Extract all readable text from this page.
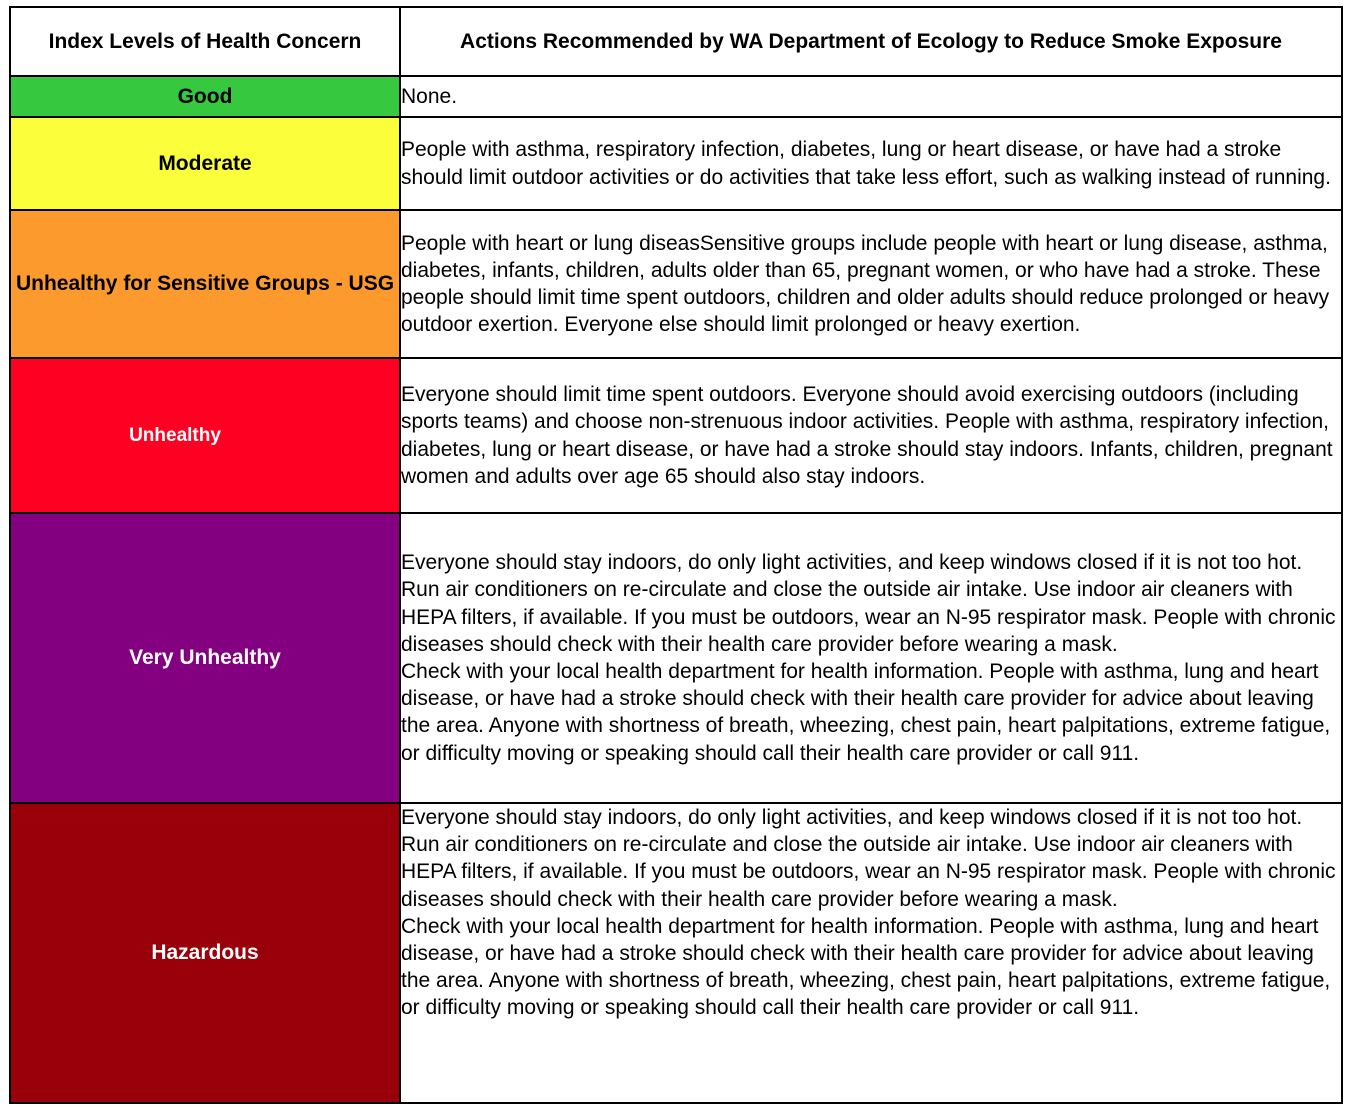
Index Levels of Health Concern	Actions Recommended by WA Department of Ecology to Reduce Smoke Exposure
Good	None.

Moderate	People with asthma, respiratory infection, diabetes, lung or heart disease, or have had a stroke should limit outdoor activities or do activities that take less effort, such as walking instead of running.

Unhealthy for Sensitive Groups - USG	People with heart or lung diseasSensitive groups include people with heart or lung disease, asthma, diabetes, infants, children, adults older than 65, pregnant women, or who have had a stroke. These people should limit time spent outdoors, children and older adults should reduce prolonged or heavy outdoor exertion. Everyone else should limit prolonged or heavy exertion.

Unhealthy	Everyone should limit time spent outdoors. Everyone should avoid exercising outdoors (including sports teams) and choose non-strenuous indoor activities. People with asthma, respiratory infection, diabetes, lung or heart disease, or have had a stroke should stay indoors. Infants, children, pregnant women and adults over age 65 should also stay indoors.

Very Unhealthy	Everyone should stay indoors, do only light activities, and keep windows closed if it is not too hot. Run air conditioners on re-circulate and close the outside air intake. Use indoor air cleaners with HEPA filters, if available. If you must be outdoors, wear an N-95 respirator mask. People with chronic diseases should check with their health care provider before wearing a mask.
Check with your local health department for health information. People with asthma, lung and heart disease, or have had a stroke should check with their health care provider for advice about leaving the area. Anyone with shortness of breath, wheezing, chest pain, heart palpitations, extreme fatigue, or difficulty moving or speaking should call their health care provider or call 911.

Hazardous	Everyone should stay indoors, do only light activities, and keep windows closed if it is not too hot. Run air conditioners on re-circulate and close the outside air intake. Use indoor air cleaners with HEPA filters, if available. If you must be outdoors, wear an N-95 respirator mask. People with chronic diseases should check with their health care provider before wearing a mask.
Check with your local health department for health information. People with asthma, lung and heart disease, or have had a stroke should check with their health care provider for advice about leaving the area. Anyone with shortness of breath, wheezing, chest pain, heart palpitations, extreme fatigue, or difficulty moving or speaking should call their health care provider or call 911.
